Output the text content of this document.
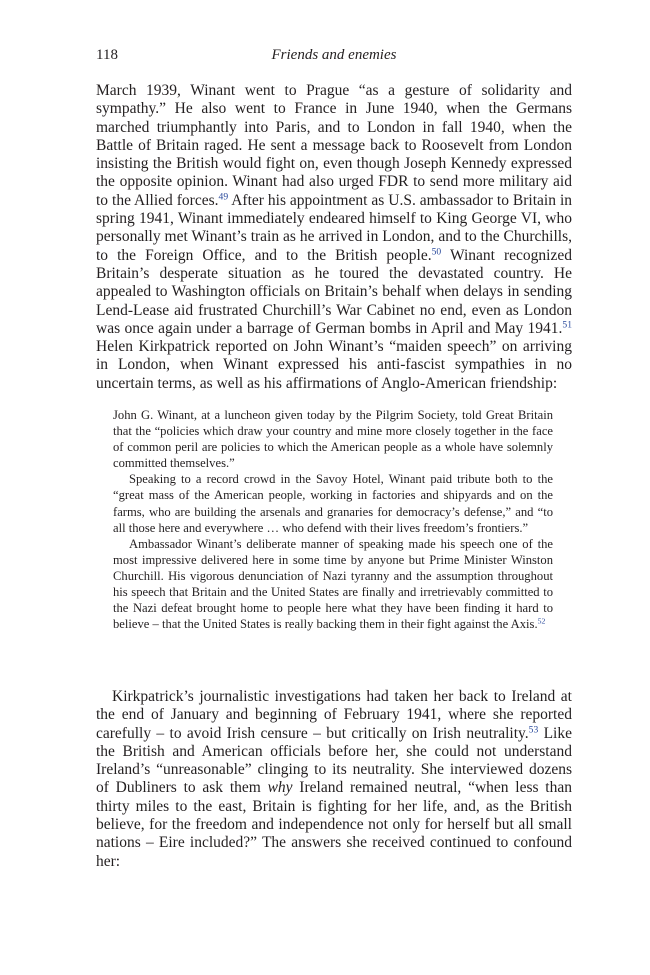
118	Friends and enemies

March 1939, Winant went to Prague “as a gesture of solidarity and sympathy.” He also went to France in June 1940, when the Germans marched triumphantly into Paris, and to London in fall 1940, when the Battle of Britain raged. He sent a message back to Roosevelt from London insisting the British would fight on, even though Joseph Kennedy expressed the opposite opinion. Winant had also urged FDR to send more military aid to the Allied forces.$^{49}$ After his appointment as U.S. ambassador to Britain in spring 1941, Winant immediately endeared himself to King George VI, who personally met Winant’s train as he arrived in London, and to the Churchills, to the Foreign Office, and to the British people.$^{50}$ Winant recognized Britain’s desperate situation as he toured the devastated country. He appealed to Washington officials on Britain’s behalf when delays in sending Lend-Lease aid frustrated Churchill’s War Cabinet no end, even as London was once again under a barrage of German bombs in April and May 1941.51 Helen Kirkpatrick reported on John Winant’s “maiden speech” on arriving in London, when Winant expressed his anti-fascist sympathies in no uncertain terms, as well as his affirmations of Anglo-American friendship:

John G. Winant, at a luncheon given today by the Pilgrim Society, told Great Britain that the “policies which draw your country and mine more closely together in the face of common peril are policies to which the American people as a whole have solemnly committed themselves.”

Speaking to a record crowd in the Savoy Hotel, Winant paid tribute both to the “great mass of the American people, working in factories and shipyards and on the farms, who are building the arsenals and granaries for democracy’s defense,” and “to all those here and everywhere … who defend with their lives freedom’s frontiers.”

Ambassador Winant’s deliberate manner of speaking made his speech one of the most impressive delivered here in some time by anyone but Prime Minister Winston Churchill. His vigorous denunciation of Nazi tyranny and the assumption throughout his speech that Britain and the United States are finally and irretrievably committed to the Nazi defeat brought home to people here what they have been finding it hard to believe – that the United States is really backing them in their fight against the Axis.$^{52}$

Kirkpatrick’s journalistic investigations had taken her back to Ireland at the end of January and beginning of February 1941, where she reported carefully – to avoid Irish censure – but critically on Irish neutrality.$^{53}$ Like the British and American officials before her, she could not understand Ireland’s “unreasonable” clinging to its neutrality. She interviewed dozens of Dubliners to ask them why Ireland remained neutral, “when less than thirty miles to the east, Britain is fighting for her life, and, as the British believe, for the freedom and independence not only for herself but all small nations – Eire included?” The answers she received continued to confound her:
